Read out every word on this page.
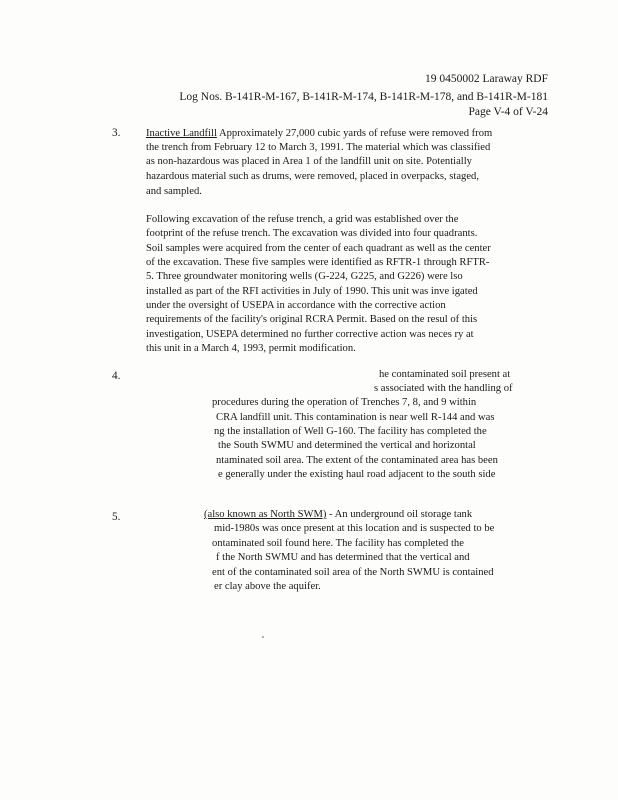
19 0450002 Laraway RDF
Log Nos. B-141R-M-167, B-141R-M-174, B-141R-M-178, and B-141R-M-181
Page V-4 of V-24
3. Inactive Landfill Approximately 27,000 cubic yards of refuse were removed from
the trench from February 12 to March 3, 1991. The material which was classified
as non-hazardous was placed in Area 1 of the landfill unit on site. Potentially
hazardous material such as drums, were removed, placed in overpacks, staged,
and sampled.
Following excavation of the refuse trench, a grid was established over the
footprint of the refuse trench. The excavation was divided into four quadrants.
Soil samples were acquired from the center of each quadrant as well as the center
of the excavation. These five samples were identified as RFTR-1 through RFTR-
5. Three groundwater monitoring wells (G-224, G225, and G226) were lso
installed as part of the RFI activities in July of 1990. This unit was inve igated
under the oversight of USEPA in accordance with the corrective action
requirements of the facility's original RCRA Permit. Based on the resul of this
investigation, USEPA determined no further corrective action was neces ry at
this unit in a March 4, 1993, permit modification.
4.	he contaminated soil present at
s associated with the handling of
procedures during the operation of Trenches 7, 8, and 9 within
CRA landfill unit. This contamination is near well R-144 and was
ng the installation of Well G-160. The facility has completed the
the South SWMU and determined the vertical and horizontal
ntaminated soil area. The extent of the contaminated area has been
e generally under the existing haul road adjacent to the south side
5.	(also known as North SWM) - An underground oil storage tank
mid-1980s was once present at this location and is suspected to be
ontaminated soil found here. The facility has completed the
f the North SWMU and has determined that the vertical and
ent of the contaminated soil area of the North SWMU is contained
er clay above the aquifer.
